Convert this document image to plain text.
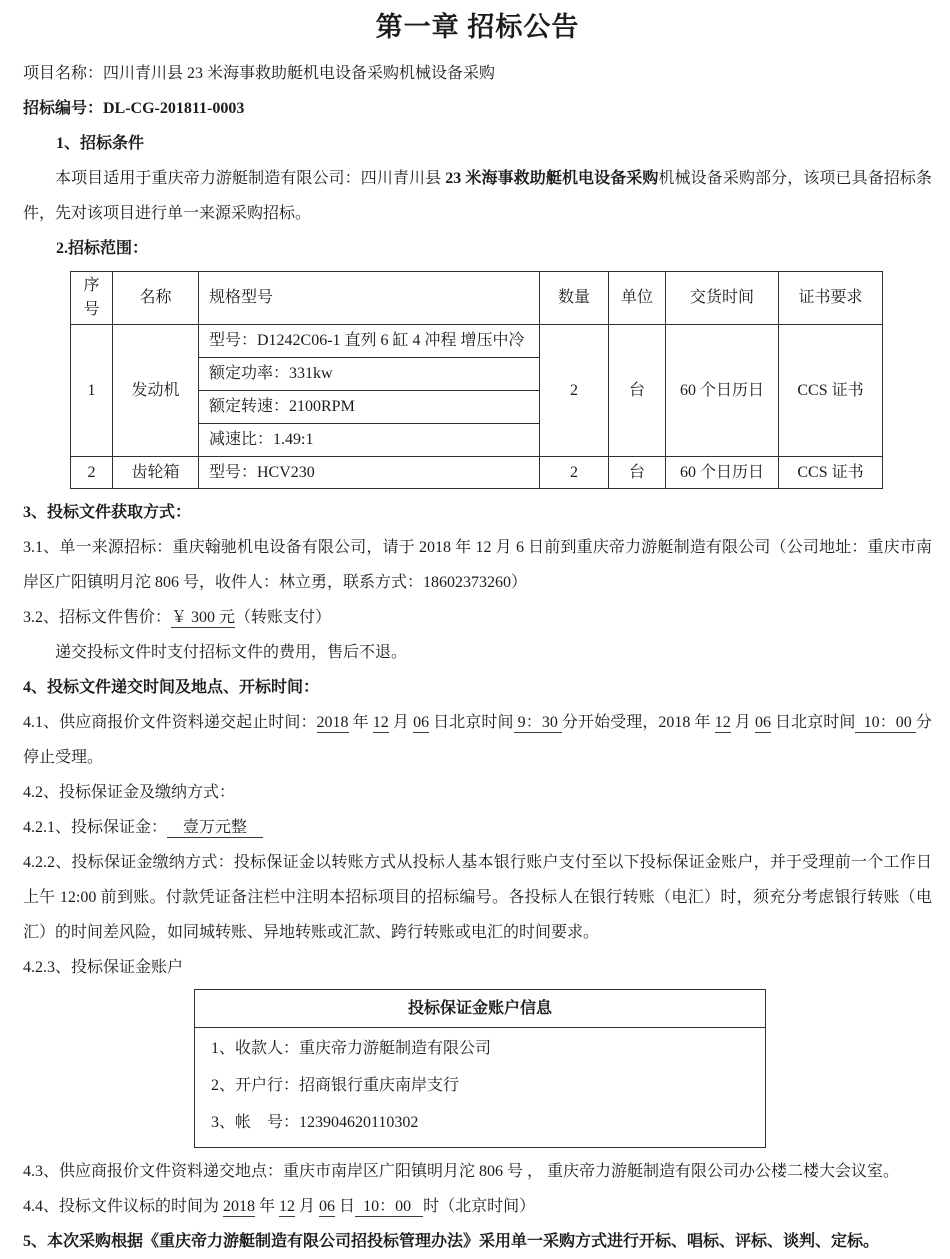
第一章 招标公告

项目名称：四川青川县 23 米海事救助艇机电设备采购机械设备采购

招标编号：DL-CG-201811-0003

1、招标条件

本项目适用于重庆帝力游艇制造有限公司：四川青川县 23 米海事救助艇机电设备采购机械设备采购部分，该项已具备招标条件，先对该项目进行单一来源采购招标。

2.招标范围：

序号	名称	规格型号	数量	单位	交货时间	证书要求
1	发动机	型号：D1242C06-1 直列 6 缸 4 冲程 增压中冷	2	台	60 个日历日	CCS 证书
		额定功率：331kw				
		额定转速：2100RPM				
		减速比：1.49:1				
2	齿轮箱	型号：HCV230	2	台	60 个日历日	CCS 证书

3、投标文件获取方式：

3.1、单一来源招标：重庆翰驰机电设备有限公司，请于 2018 年 12 月 6 日前到重庆帝力游艇制造有限公司（公司地址：重庆市南岸区广阳镇明月沱 806 号，收件人：林立勇，联系方式：18602373260）

3.2、招标文件售价：￥ 300 元（转账支付）

递交投标文件时支付招标文件的费用，售后不退。

4、投标文件递交时间及地点、开标时间：

4.1、供应商报价文件资料递交起止时间：2018 年 12 月 06 日北京时间 9：30 分开始受理，2018 年 12 月 06 日北京时间  10：00 分停止受理。

4.2、投标保证金及缴纳方式：

4.2.1、投标保证金：    壹万元整

4.2.2、投标保证金缴纳方式：投标保证金以转账方式从投标人基本银行账户支付至以下投标保证金账户，并于受理前一个工作日上午 12:00 前到账。付款凭证备注栏中注明本招标项目的招标编号。各投标人在银行转账（电汇）时，须充分考虑银行转账（电汇）的时间差风险，如同城转账、异地转账或汇款、跨行转账或电汇的时间要求。

4.2.3、投标保证金账户

投标保证金账户信息
1、收款人：重庆帝力游艇制造有限公司
2、开户行：招商银行重庆南岸支行
3、帐　号：123904620110302

4.3、供应商报价文件资料递交地点：重庆市南岸区广阳镇明月沱 806 号 ， 重庆帝力游艇制造有限公司办公楼二楼大会议室。

4.4、投标文件议标的时间为 2018 年 12 月 06 日  10：00   时（北京时间）

5、本次采购根据《重庆帝力游艇制造有限公司招投标管理办法》采用单一采购方式进行开标、唱标、评标、谈判、定标。
